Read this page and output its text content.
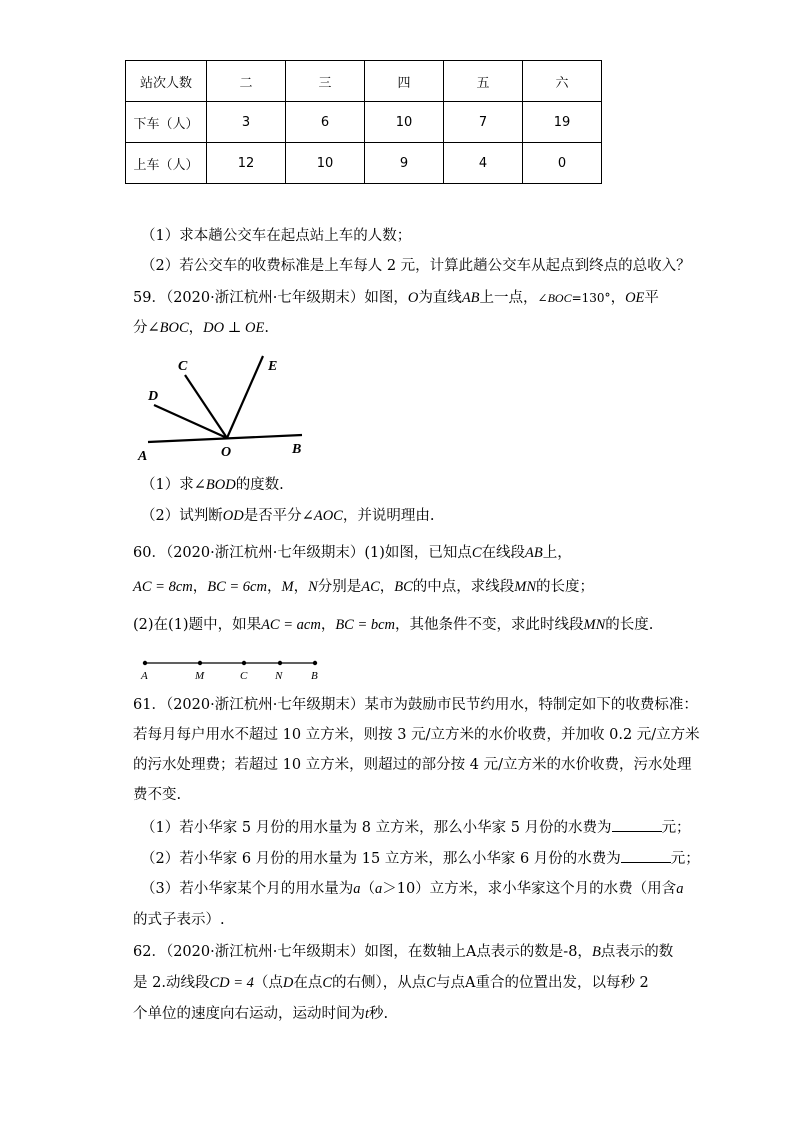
站次人数	二	三	四	五	六
下车（人）	3	6	10	7	19
上车（人）	12	10	9	4	0
（1）求本趟公交车在起点站上车的人数；
（2）若公交车的收费标准是上车每人 2 元，计算此趟公交车从起点到终点的总收入？
59．（2020·浙江杭州·七年级期末）如图，O为直线AB上一点，∠BOC=130°，OE平
分∠BOC，DO ⊥ OE.
A	O	B
D
C	E
（1）求∠BOD的度数.
（2）试判断OD是否平分∠AOC，并说明理由.
60．（2020·浙江杭州·七年级期末）(1)如图，已知点C在线段AB上，
AC = 8cm，BC = 6cm，M，N分别是AC，BC的中点，求线段MN的长度；
(2)在(1)题中，如果AC = acm，BC = bcm，其他条件不变，求此时线段MN的长度.
A	M	C	N	B
61．（2020·浙江杭州·七年级期末）某市为鼓励市民节约用水，特制定如下的收费标准：
若每月每户用水不超过 10 立方米，则按 3 元/立方米的水价收费，并加收 0.2 元/立方米
的污水处理费；若超过 10 立方米，则超过的部分按 4 元/立方米的水价收费，污水处理
费不变.
（1）若小华家 5 月份的用水量为 8 立方米，那么小华家 5 月份的水费为	元；
（2）若小华家 6 月份的用水量为 15 立方米，那么小华家 6 月份的水费为	元；
（3）若小华家某个月的用水量为a（a＞10）立方米，求小华家这个月的水费（用含a
的式子表示）.
62．（2020·浙江杭州·七年级期末）如图，在数轴上A点表示的数是-8，B点表示的数
是 2.动线段CD = 4（点D在点C的右侧），从点C与点A重合的位置出发，以每秒 2
个单位的速度向右运动，运动时间为t秒.
